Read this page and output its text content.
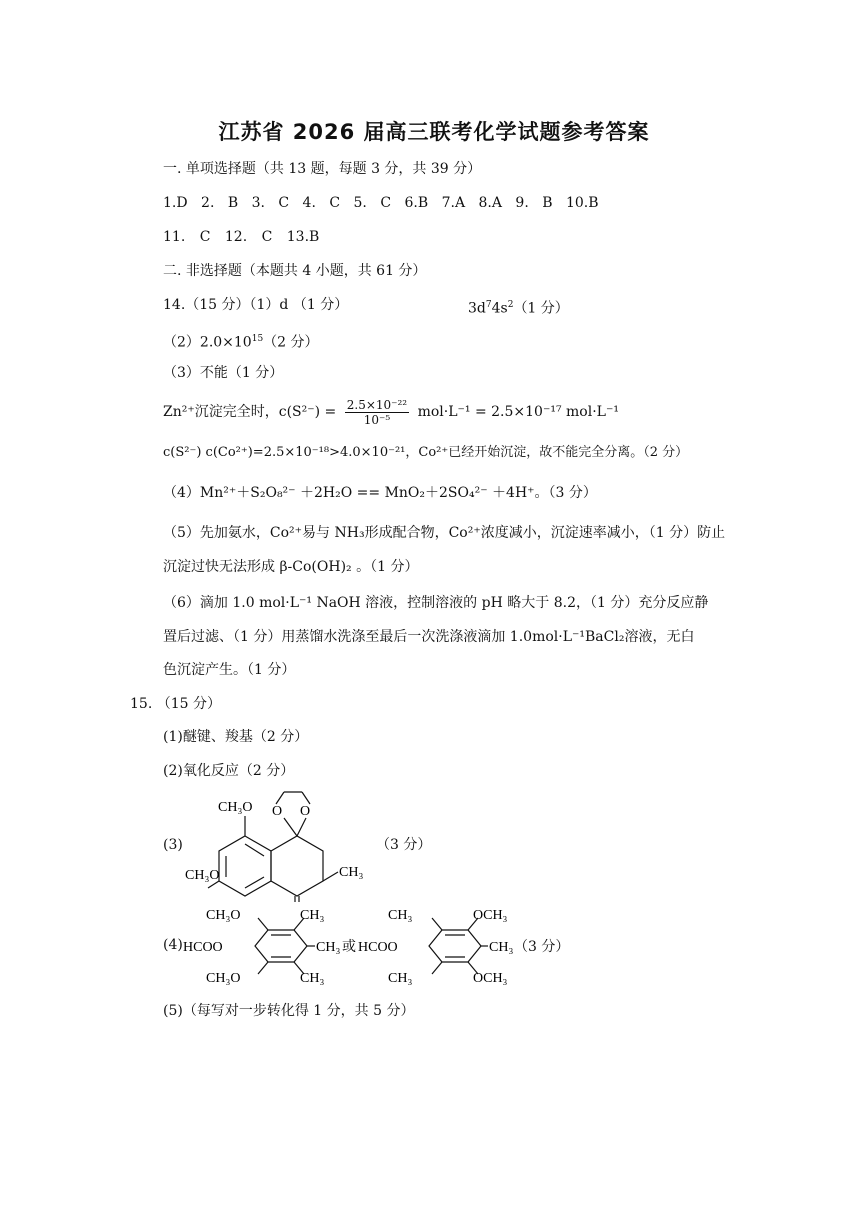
江苏省 2026 届高三联考化学试题参考答案
一. 单项选择题（共 13 题，每题 3 分，共 39 分）
1.D 2. B 3. C 4. C 5. C 6.B 7.A 8.A 9. B 10.B
11. C 12. C 13.B
二. 非选择题（本题共 4 小题，共 61 分）
14.（15 分）（1）d （1 分）	$3d^74s^2(1$ 分）
$(2)2.0\times 10^{15}(2$ 分）
（3）不能（1 分）
Zn²⁺沉淀完全时，$c(S^{2-}) = \frac{\text{2.5×10⁻²²}}{\text{10⁻⁵}} mol\cdot L^{-1} = 2.5\times 10^{-17}$ mol·L⁻¹
c(S²⁻) c(Co²⁺)=2.5×10⁻¹⁸>4.0×10⁻²¹，Co²⁺已经开始沉淀，故不能完全分离。（2 分）
（4）Mn²⁺＋S₂O₈²⁻ ＋2H₂O == MnO₂＋2SO₄²⁻ ＋4H⁺。（3 分）
（5）先加氨水，Co²⁺易与 NH₃形成配合物，Co²⁺浓度减小，沉淀速率减小，（1 分）防止
沉淀过快无法形成 β-Co(OH)₂ 。（1 分）
（6）滴加 1.0 mol·L⁻¹ NaOH 溶液，控制溶液的 pH 略大于 8.2，（1 分）充分反应静
置后过滤、（1 分）用蒸馏水洗涤至最后一次洗涤液滴加 1.0mol·L⁻¹BaCl₂溶液，无白
色沉淀产生。（1 分）
15. （15 分）
(1)醚键、羧基（2 分）
(2)氧化反应（2 分）
(3)
CH₃O
CH₃O
O O
CH₃
（3 分）
(4)
CH₃O	CH₃
HCOO	CH₃
CH₃O	CH₃
或
CH₃	OCH₃
HCOO	CH₃
CH₃	OCH₃
（3 分）
(5)（每写对一步转化得 1 分，共 5 分）
